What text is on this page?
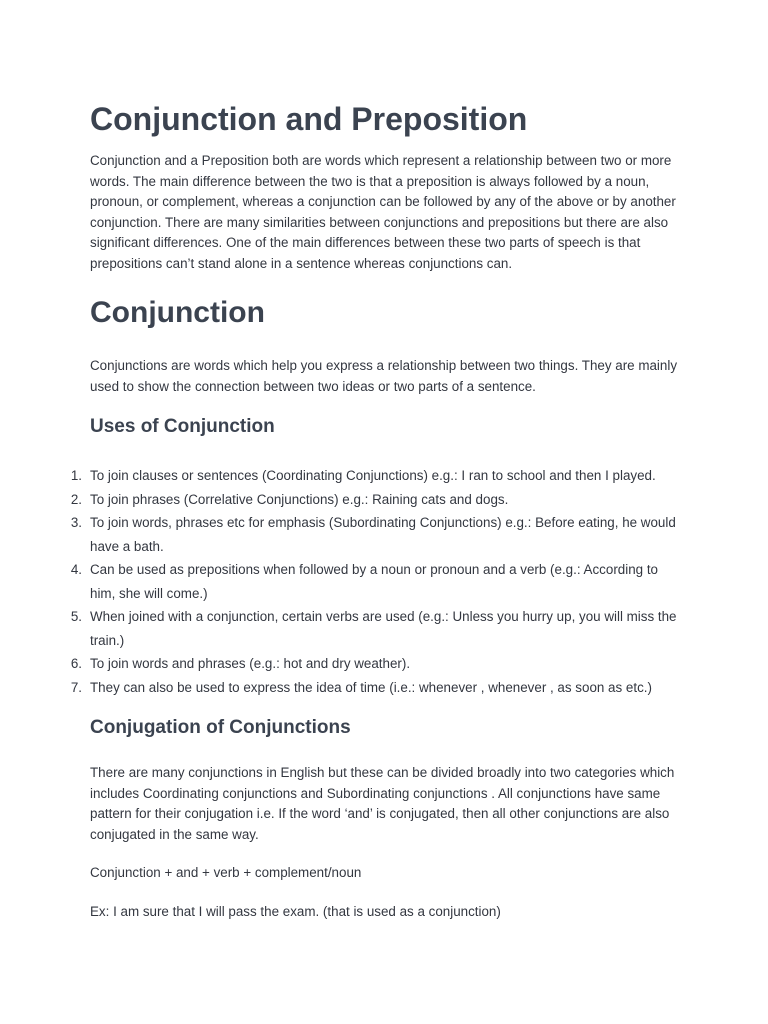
Conjunction and Preposition

Conjunction and a Preposition both are words which represent a relationship between two or more words. The main difference between the two is that a preposition is always followed by a noun, pronoun, or complement, whereas a conjunction can be followed by any of the above or by another conjunction. There are many similarities between conjunctions and prepositions but there are also significant differences. One of the main differences between these two parts of speech is that prepositions can’t stand alone in a sentence whereas conjunctions can.

Conjunction

Conjunctions are words which help you express a relationship between two things. They are mainly used to show the connection between two ideas or two parts of a sentence.

Uses of Conjunction
1. To join clauses or sentences (Coordinating Conjunctions) e.g.: I ran to school and then I played.
2. To join phrases (Correlative Conjunctions) e.g.: Raining cats and dogs.
3. To join words, phrases etc for emphasis (Subordinating Conjunctions) e.g.: Before eating, he would have a bath.
4. Can be used as prepositions when followed by a noun or pronoun and a verb (e.g.: According to him, she will come.)
5. When joined with a conjunction, certain verbs are used (e.g.: Unless you hurry up, you will miss the train.)
6. To join words and phrases (e.g.: hot and dry weather).
7. They can also be used to express the idea of time (i.e.: whenever , whenever , as soon as etc.)
Conjugation of Conjunctions

There are many conjunctions in English but these can be divided broadly into two categories which includes Coordinating conjunctions and Subordinating conjunctions . All conjunctions have same pattern for their conjugation i.e. If the word ‘and’ is conjugated, then all other conjunctions are also conjugated in the same way.

Conjunction + and + verb + complement/noun

Ex: I am sure that I will pass the exam. (that is used as a conjunction)
